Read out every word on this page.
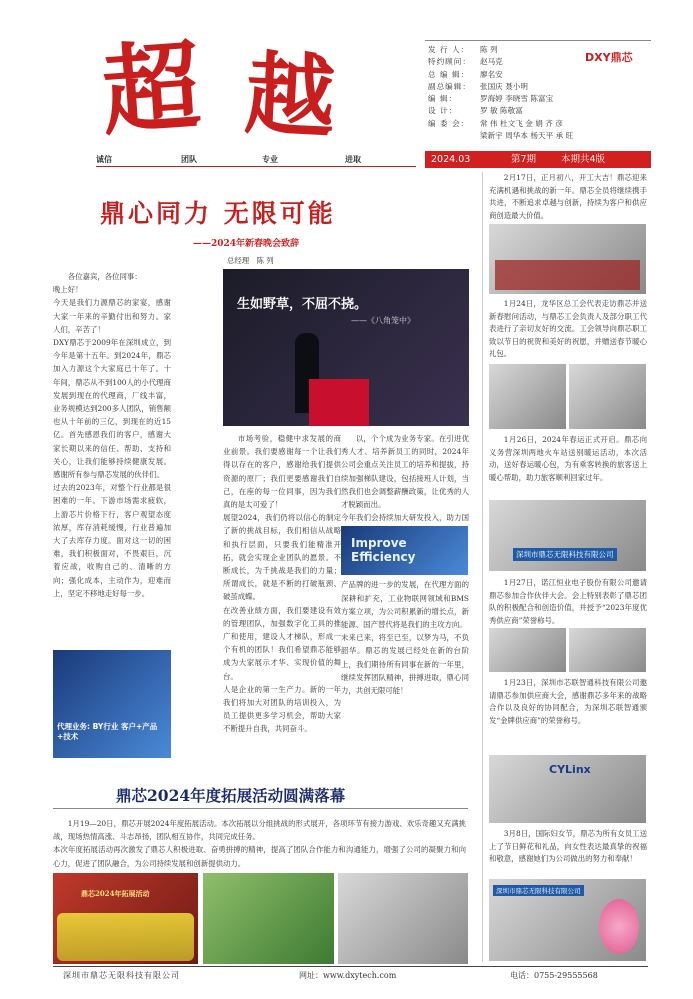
超 越
诚信	团队	专业	进取
发 行 人：	陈 列
特约顾问：	赵马克
总 编 辑：	廖名安
副总编辑：	张国庆 聂小明
编 辑：	罗海婷 李晓雪 陈富宝
设 计：	罗 敏 陈敬富
编 委 会：	常 伟 杜文飞 金 娟 齐 彦
梁新宇 周华本 杨天平 承 旺
DXY鼎芯
2024.03	第7期	本期共4版
鼎心同力 无限可能
——2024年新春晚会致辞
总经理　陈 列
各位嘉宾，各位同事：
晚上好！
今天是我们力源鼎芯的家宴，感谢大家一年来的辛勤付出和努力。家人们，辛苦了！
DXY鼎芯于2009年在深圳成立，到今年是第十五年。到2024年，鼎芯加入力源这个大家庭已十年了。十年间，鼎芯从不到100人的小代理商发展到现在的代理商，厂线丰富，业务规模达到200多人团队，销售额也从十年前的三亿，到现在的近15亿。首先感恩我们的客户，感谢大家长期以来的信任、帮助、支持和关心，让我们能够持续健康发展。感谢所有参与鼎芯发展的伙伴们。
过去的2023年，对整个行业都是很困难的一年。下游市场需求疲软，上游芯片价格下行，客户观望态度浓厚，库存消耗缓慢，行业普遍加大了去库存力度。面对这一切的困难，我们积极面对，不畏艰巨，沉着应战，收购自己的、清晰的方向；强化成本，主动作为，迎难而上，坚定不移地走好每一步。
生如野草，不屈不挠。
——《八角笼中》
市场考验，稳健中求发展的商业前景。我们要感谢每一个让我们得以存在的客户，感谢给我们提供资源的原厂；我们更要感谢我们自己，在座的每一位同事，因为我们真的是太可爱了！
展望2024，我们仍将以信心的制定了新的挑战目标，我们相信从战略和执行层面，只要我们能精准开拓，就会实现企业团队的愿景。不断成长，为千挑战是我们的力量；所谓成长，就是不断的打破瓶颈、破茧成蝶。
在改善业绩方面，我们要建设有效的管理团队，加强数字化工具的推广和使用，建设人才梯队，形成一个有机的团队！我们希望鼎芯能够成为大家展示才华、实现价值的舞台。
人是企业的第一生产力。新的一年我们将加大对团队的培训投入，为员工提供更多学习机会，帮助大家不断提升自我，共同奋斗。
以，个个成为业务专家。在引进优秀人才、培养新员工的同时，2024年公司会重点关注员工的培养和提拔，持续加强梯队建设，包括接班人计划，当然我们也会调整薪酬政策，让优秀的人才脱颖而出。
今年我们会持续加大研发投入，助力国

Improve Efficiency

产品牌的进一步的发展，在代理方面的深耕和扩充，工业物联网领域和BMS方案立项，为公司积累新的增长点，新能源、国产替代将是我们的主攻方向。
未来已来，将至已至，以梦为马，不负韶华。鼎芯的发展已经处在新的台阶上，我们期待所有同事在新的一年里，继续发挥团队精神，拼搏进取，鼎心同力，共创无限可能！
代理业务: BY行业 客户+产品+技术
鼎芯2024年度拓展活动圆满落幕
1月19—20日，鼎芯开展2024年度拓展活动。本次拓展以分组挑战的形式展开，各项环节有接力游戏、欢乐奇趣又充满挑战，现场热情高涨、斗志昂扬，团队相互协作，共同完成任务。
本次年度拓展活动再次激发了鼎芯人积极进取、奋勇拼搏的精神，提高了团队合作能力和沟通能力，增强了公司的凝聚力和向心力，促进了团队融合，为公司持续发展和创新提供动力。
鼎芯2024年拓展活动
2月17日，正月初八，开工大吉！鼎芯迎来充满机遇和挑战的新一年。鼎芯全员将继续携手共进，不断追求卓越与创新，持续为客户和供应商创造最大价值。
1月24日，龙华区总工会代表走访鼎芯并送新春慰问活动，与鼎芯工会负责人及部分职工代表进行了亲切友好的交流。工会领导向鼎芯职工致以节日的祝贺和美好的祝愿，并赠送春节暖心礼包。
1月26日，2024年春运正式开启。鼎芯向义务营深圳两地火车站送别暖运活动，本次活动，送好春运暖心包，为有乘客转换的旅客送上暖心帮助，助力旅客顺利回家过年。
深圳市鼎芯无限科技有限公司
1月27日，诺江恒业电子股份有限公司邀请鼎芯参加合作伙伴大会。会上特别表彰了鼎芯团队的积极配合和创造价值，并授予“2023年度优秀供应商”荣誉称号。
1月23日，深圳市芯联智通科技有限公司邀请鼎芯参加供应商大会，感谢鼎芯多年来的战略合作以及良好的协同配合，为深圳芯联智通颁发“金牌供应商”的荣誉称号。
CYLinx
3月8日，国际妇女节，鼎芯为所有女员工送上了节日鲜花和礼品，向女性表达最真挚的祝福和敬意，感谢她们为公司做出的努力和奉献！
深圳市鼎芯无限科技有限公司
深圳市鼎芯无限科技有限公司	网址：www.dxytech.com	电话：0755-29555568
